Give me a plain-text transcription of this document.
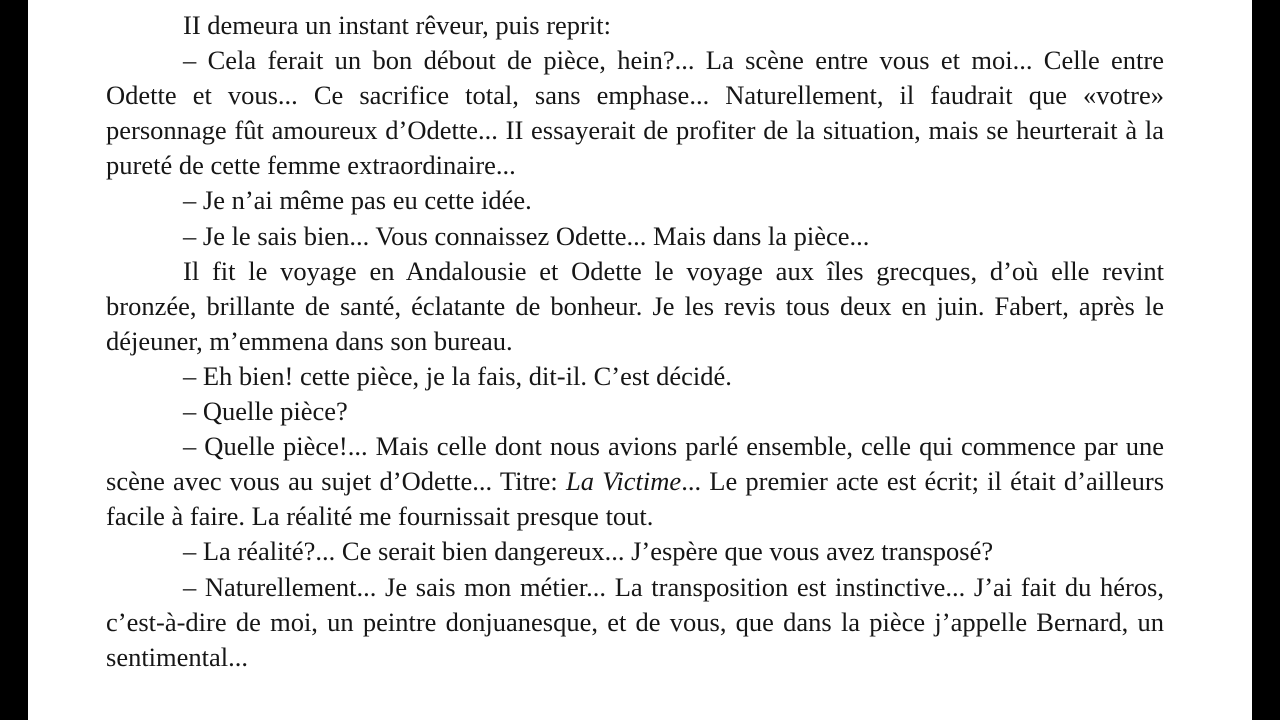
II demeura un instant rêveur, puis reprit:

– Cela ferait un bon débout de pièce, hein?... La scène entre vous et moi... Celle entre Odette et vous... Ce sacrifice total, sans emphase... Naturellement, il faudrait que «votre» personnage fût amoureux d’Odette... II essayerait de profiter de la situation, mais se heurterait à la pureté de cette femme extraordinaire...

– Je n’ai même pas eu cette idée.

– Je le sais bien... Vous connaissez Odette... Mais dans la pièce...

Il fit le voyage en Andalousie et Odette le voyage aux îles grecques, d’où elle revint bronzée, brillante de santé, éclatante de bonheur. Je les revis tous deux en juin. Fabert, après le déjeuner, m’emmena dans son bureau.

– Eh bien! cette pièce, je la fais, dit-il. C’est décidé.

– Quelle pièce?

– Quelle pièce!... Mais celle dont nous avions parlé ensemble, celle qui commence par une scène avec vous au sujet d’Odette... Titre: La Victime... Le premier acte est écrit; il était d’ailleurs facile à faire. La réalité me fournissait presque tout.

– La réalité?... Ce serait bien dangereux... J’espère que vous avez transposé?

– Naturellement... Je sais mon métier... La transposition est instinctive... J’ai fait du héros, c’est-à-dire de moi, un peintre donjuanesque, et de vous, que dans la pièce j’appelle Bernard, un sentimental...
